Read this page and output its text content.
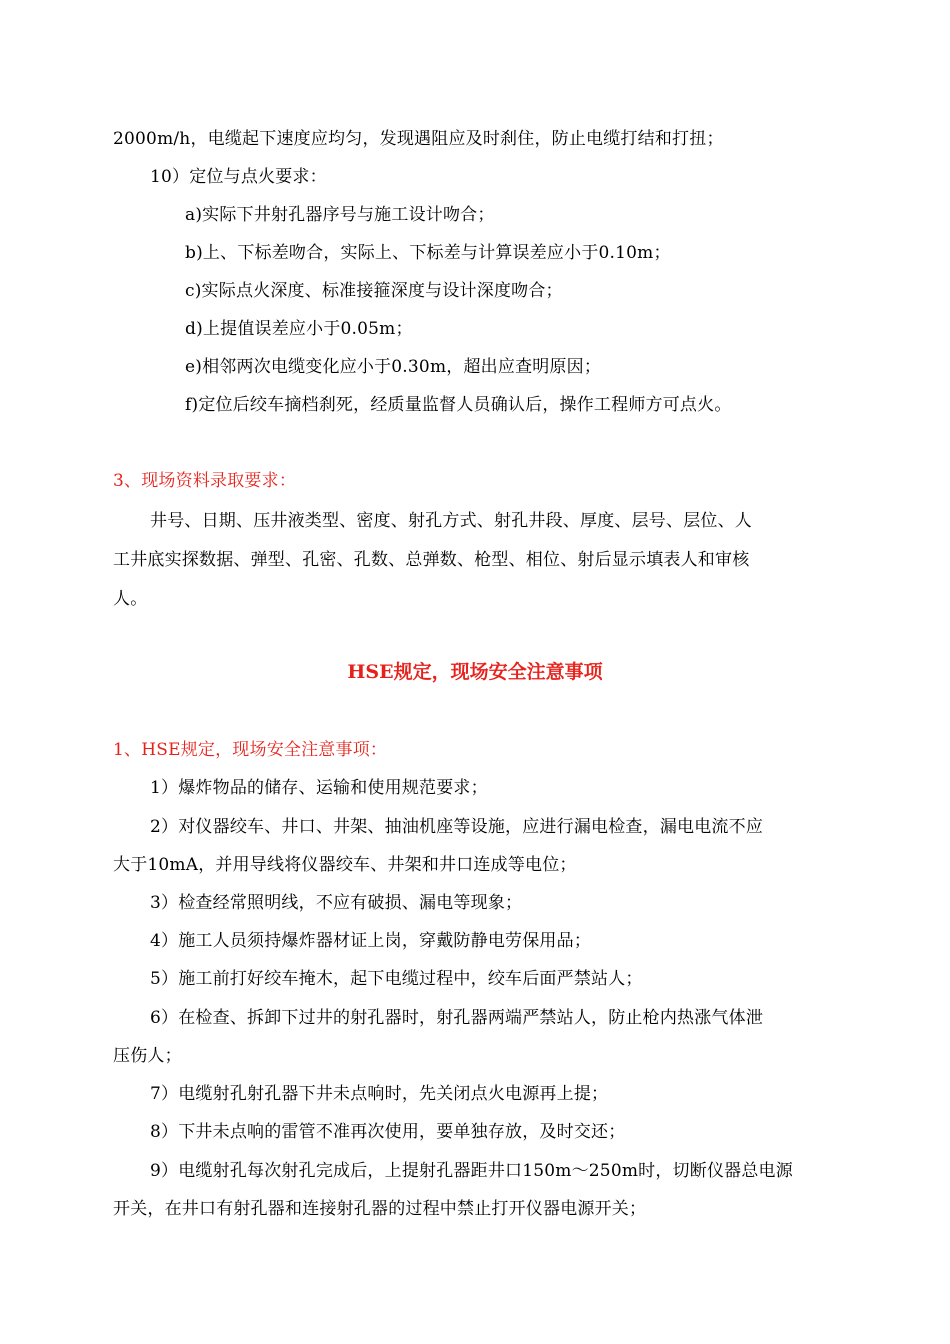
2000m/h，电缆起下速度应均匀，发现遇阻应及时刹住，防止电缆打结和打扭；
10）定位与点火要求：
a)实际下井射孔器序号与施工设计吻合；
b)上、下标差吻合，实际上、下标差与计算误差应小于0.10m；
c)实际点火深度、标准接箍深度与设计深度吻合；
d)上提值误差应小于0.05m；
e)相邻两次电缆变化应小于0.30m，超出应查明原因；
f)定位后绞车摘档刹死，经质量监督人员确认后，操作工程师方可点火。
3、现场资料录取要求：
井号、日期、压井液类型、密度、射孔方式、射孔井段、厚度、层号、层位、人
工井底实探数据、弹型、孔密、孔数、总弹数、枪型、相位、射后显示填表人和审核
人。
HSE规定，现场安全注意事项
1、HSE规定，现场安全注意事项：
1）爆炸物品的储存、运输和使用规范要求；
2）对仪器绞车、井口、井架、抽油机座等设施，应进行漏电检查，漏电电流不应
大于10mA，并用导线将仪器绞车、井架和井口连成等电位；
3）检查经常照明线，不应有破损、漏电等现象；
4）施工人员须持爆炸器材证上岗，穿戴防静电劳保用品；
5）施工前打好绞车掩木，起下电缆过程中，绞车后面严禁站人；
6）在检查、拆卸下过井的射孔器时，射孔器两端严禁站人，防止枪内热涨气体泄
压伤人；
7）电缆射孔射孔器下井未点响时，先关闭点火电源再上提；
8）下井未点响的雷管不准再次使用，要单独存放，及时交还；
9）电缆射孔每次射孔完成后，上提射孔器距井口150m～250m时，切断仪器总电源
开关，在井口有射孔器和连接射孔器的过程中禁止打开仪器电源开关；
